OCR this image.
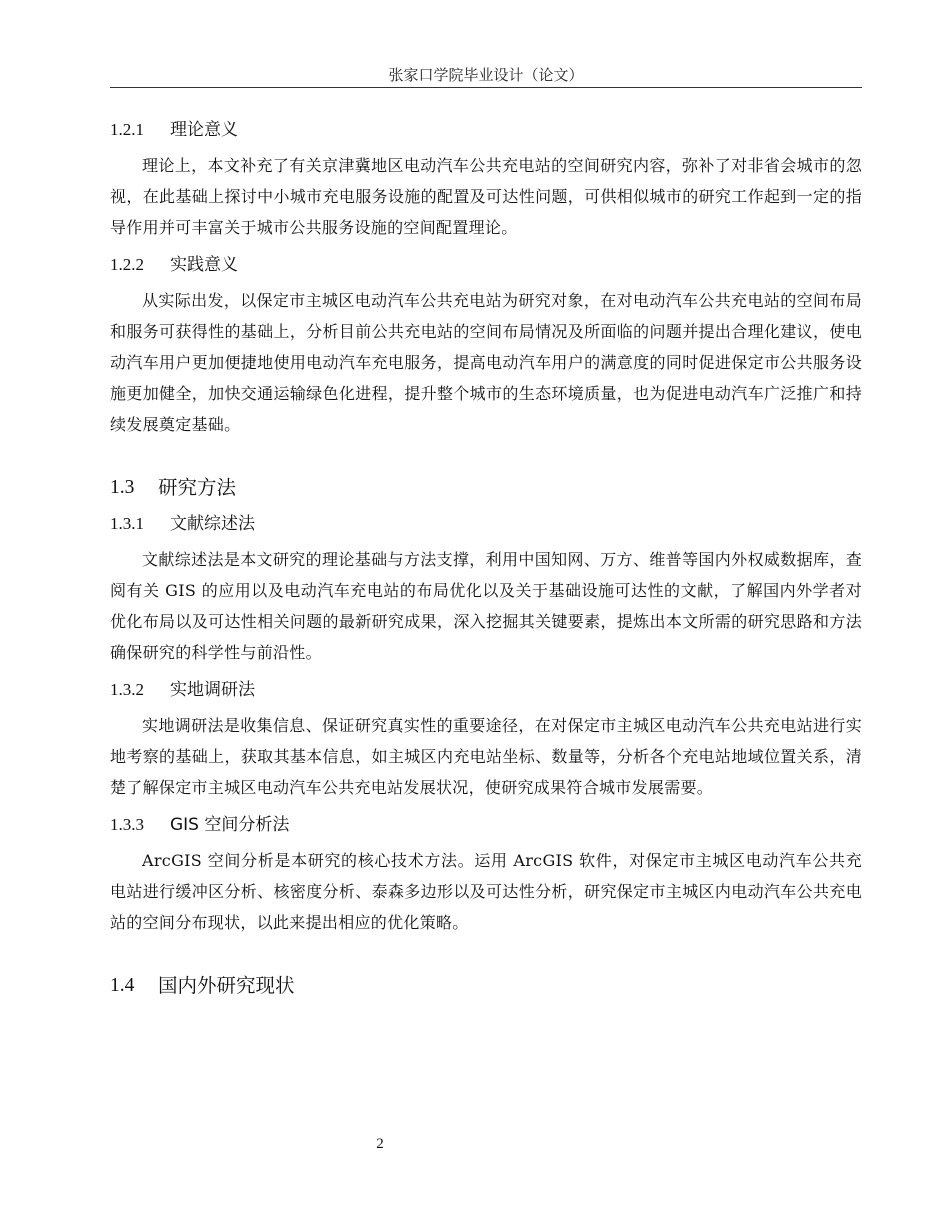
张家口学院毕业设计（论文）
1.2.1	理论意义

理论上，本文补充了有关京津冀地区电动汽车公共充电站的空间研究内容，弥补了对非省会城市的忽视，在此基础上探讨中小城市充电服务设施的配置及可达性问题，可供相似城市的研究工作起到一定的指导作用并可丰富关于城市公共服务设施的空间配置理论。

1.2.2	实践意义

从实际出发，以保定市主城区电动汽车公共充电站为研究对象，在对电动汽车公共充电站的空间布局和服务可获得性的基础上，分析目前公共充电站的空间布局情况及所面临的问题并提出合理化建议，使电动汽车用户更加便捷地使用电动汽车充电服务，提高电动汽车用户的满意度的同时促进保定市公共服务设施更加健全，加快交通运输绿色化进程，提升整个城市的生态环境质量，也为促进电动汽车广泛推广和持续发展奠定基础。

1.3	研究方法
1.3.1	文献综述法

文献综述法是本文研究的理论基础与方法支撑，利用中国知网、万方、维普等国内外权威数据库，查阅有关 GIS 的应用以及电动汽车充电站的布局优化以及关于基础设施可达性的文献，了解国内外学者对优化布局以及可达性相关问题的最新研究成果，深入挖掘其关键要素，提炼出本文所需的研究思路和方法确保研究的科学性与前沿性。

1.3.2	实地调研法

实地调研法是收集信息、保证研究真实性的重要途径，在对保定市主城区电动汽车公共充电站进行实地考察的基础上，获取其基本信息，如主城区内充电站坐标、数量等，分析各个充电站地域位置关系，清楚了解保定市主城区电动汽车公共充电站发展状况，使研究成果符合城市发展需要。

1.3.3	GIS 空间分析法

ArcGIS 空间分析是本研究的核心技术方法。运用 ArcGIS 软件，对保定市主城区电动汽车公共充电站进行缓冲区分析、核密度分析、泰森多边形以及可达性分析，研究保定市主城区内电动汽车公共充电站的空间分布现状，以此来提出相应的优化策略。

1.4	国内外研究现状
2
